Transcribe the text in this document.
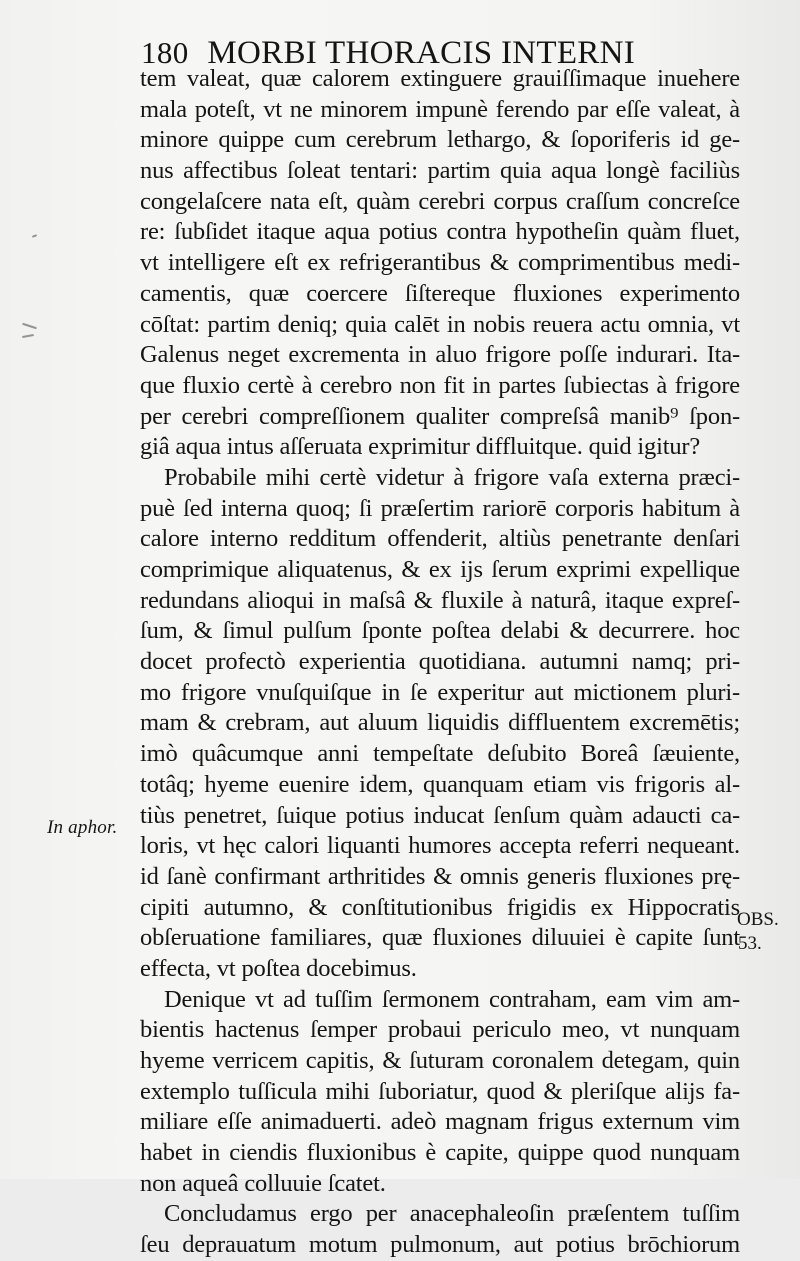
180 MORBI THORACIS INTERNI
tem valeat, quæ calorem extinguere grauiſſimaque inuehere
mala poteſt, vt ne minorem impunè ferendo par eſſe valeat, à
minore quippe cum cerebrum lethargo, & ſoporiferis id ge-
nus affectibus ſoleat tentari: partim quia aqua longè faciliùs
congelaſcere nata eſt, quàm cerebri corpus craſſum concreſce
re: ſubſidet itaque aqua potius contra hypotheſin quàm fluet,
vt intelligere eſt ex refrigerantibus & comprimentibus medi-
camentis, quæ coercere ſiſtereque fluxiones experimento
cōſtat: partim deniq; quia calēt in nobis reuera actu omnia, vt
Galenus neget excrementa in aluo frigore poſſe indurari. Ita-
que fluxio certè à cerebro non fit in partes ſubiectas à frigore
per cerebri compreſſionem qualiter compreſsâ manib⁹ ſpon-
giâ aqua intus aſſeruata exprimitur diffluitque. quid igitur?
Probabile mihi certè videtur à frigore vaſa externa præci-
puè ſed interna quoq; ſi præſertim rariorē corporis habitum à
calore interno redditum offenderit, altiùs penetrante denſari
comprimique aliquatenus, & ex ijs ſerum exprimi expellique
redundans alioqui in maſsâ & fluxile à naturâ, itaque expreſ-
ſum, & ſimul pulſum ſponte poſtea delabi & decurrere. hoc
docet profectò experientia quotidiana. autumni namq; pri-
mo frigore vnuſquiſque in ſe experitur aut mictionem pluri-
mam & crebram, aut aluum liquidis diffluentem excremētis;
imò quâcumque anni tempeſtate deſubito Boreâ ſæuiente,
totâq; hyeme euenire idem, quanquam etiam vis frigoris al-
tiùs penetret, ſuique potius inducat ſenſum quàm adaucti ca-
loris, vt hęc calori liquanti humores accepta referri nequeant.
id ſanè confirmant arthritides & omnis generis fluxiones prę-
cipiti autumno, & conſtitutionibus frigidis ex Hippocratis
obſeruatione familiares, quæ fluxiones diluuiei è capite ſunt
effecta, vt poſtea docebimus.
Denique vt ad tuſſim ſermonem contraham, eam vim am-
bientis hactenus ſemper probaui periculo meo, vt nunquam
hyeme verricem capitis, & ſuturam coronalem detegam, quin
extemplo tuſſicula mihi ſuboriatur, quod & pleriſque alijs fa-
miliare eſſe animaduerti. adeò magnam frigus externum vim
habet in ciendis fluxionibus è capite, quippe quod nunquam
non aqueâ colluuie ſcatet.
Concludamus ergo per anacephaleoſin præſentem tuſſim
ſeu deprauatum motum pulmonum, aut potius brōchiorum
In aphor.
OBS.
53.
